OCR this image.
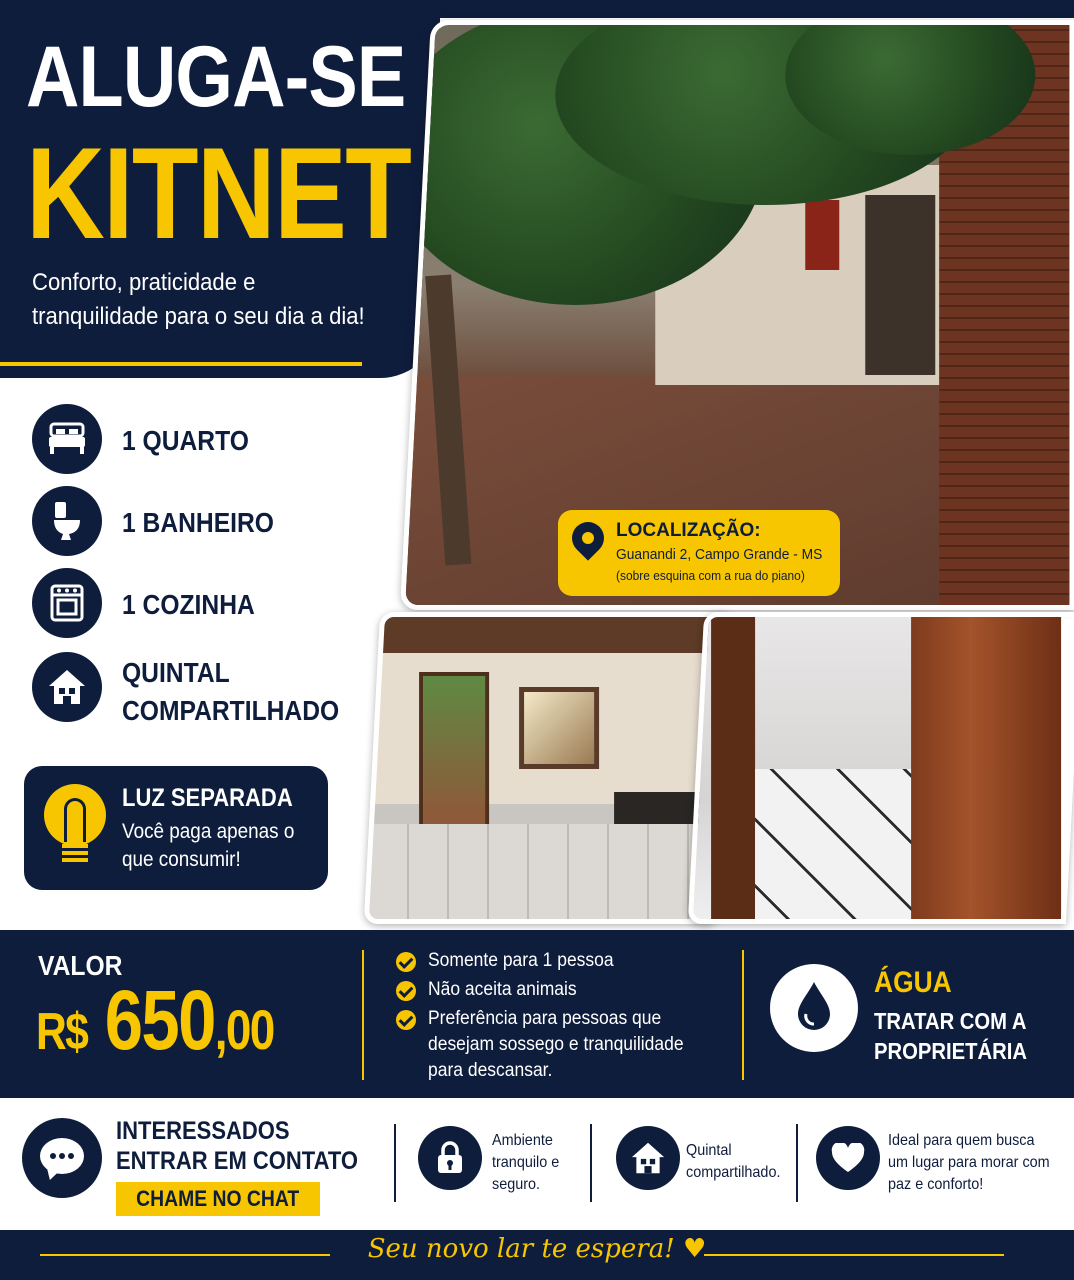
ALUGA-SE
KITNET
Conforto, praticidade e tranquilidade para o seu dia a dia!
LOCALIZAÇÃO:
Guanandi 2, Campo Grande - MS
(sobre esquina com a rua do piano)
1 QUARTO
1 BANHEIRO
1 COZINHA
QUINTAL
COMPARTILHADO
LUZ SEPARADA
Você paga apenas o que consumir!
VALOR
R$ 650,00
Somente para 1 pessoa
Não aceita animais
Preferência para pessoas que desejam sossego e tranquilidade para descansar.
ÁGUA
TRATAR COM A PROPRIETÁRIA
INTERESSADOS ENTRAR EM CONTATO
CHAME NO CHAT
Ambiente tranquilo e seguro.
Quintal compartilhado.
Ideal para quem busca um lugar para morar com paz e conforto!
Seu novo lar te espera! ♥
